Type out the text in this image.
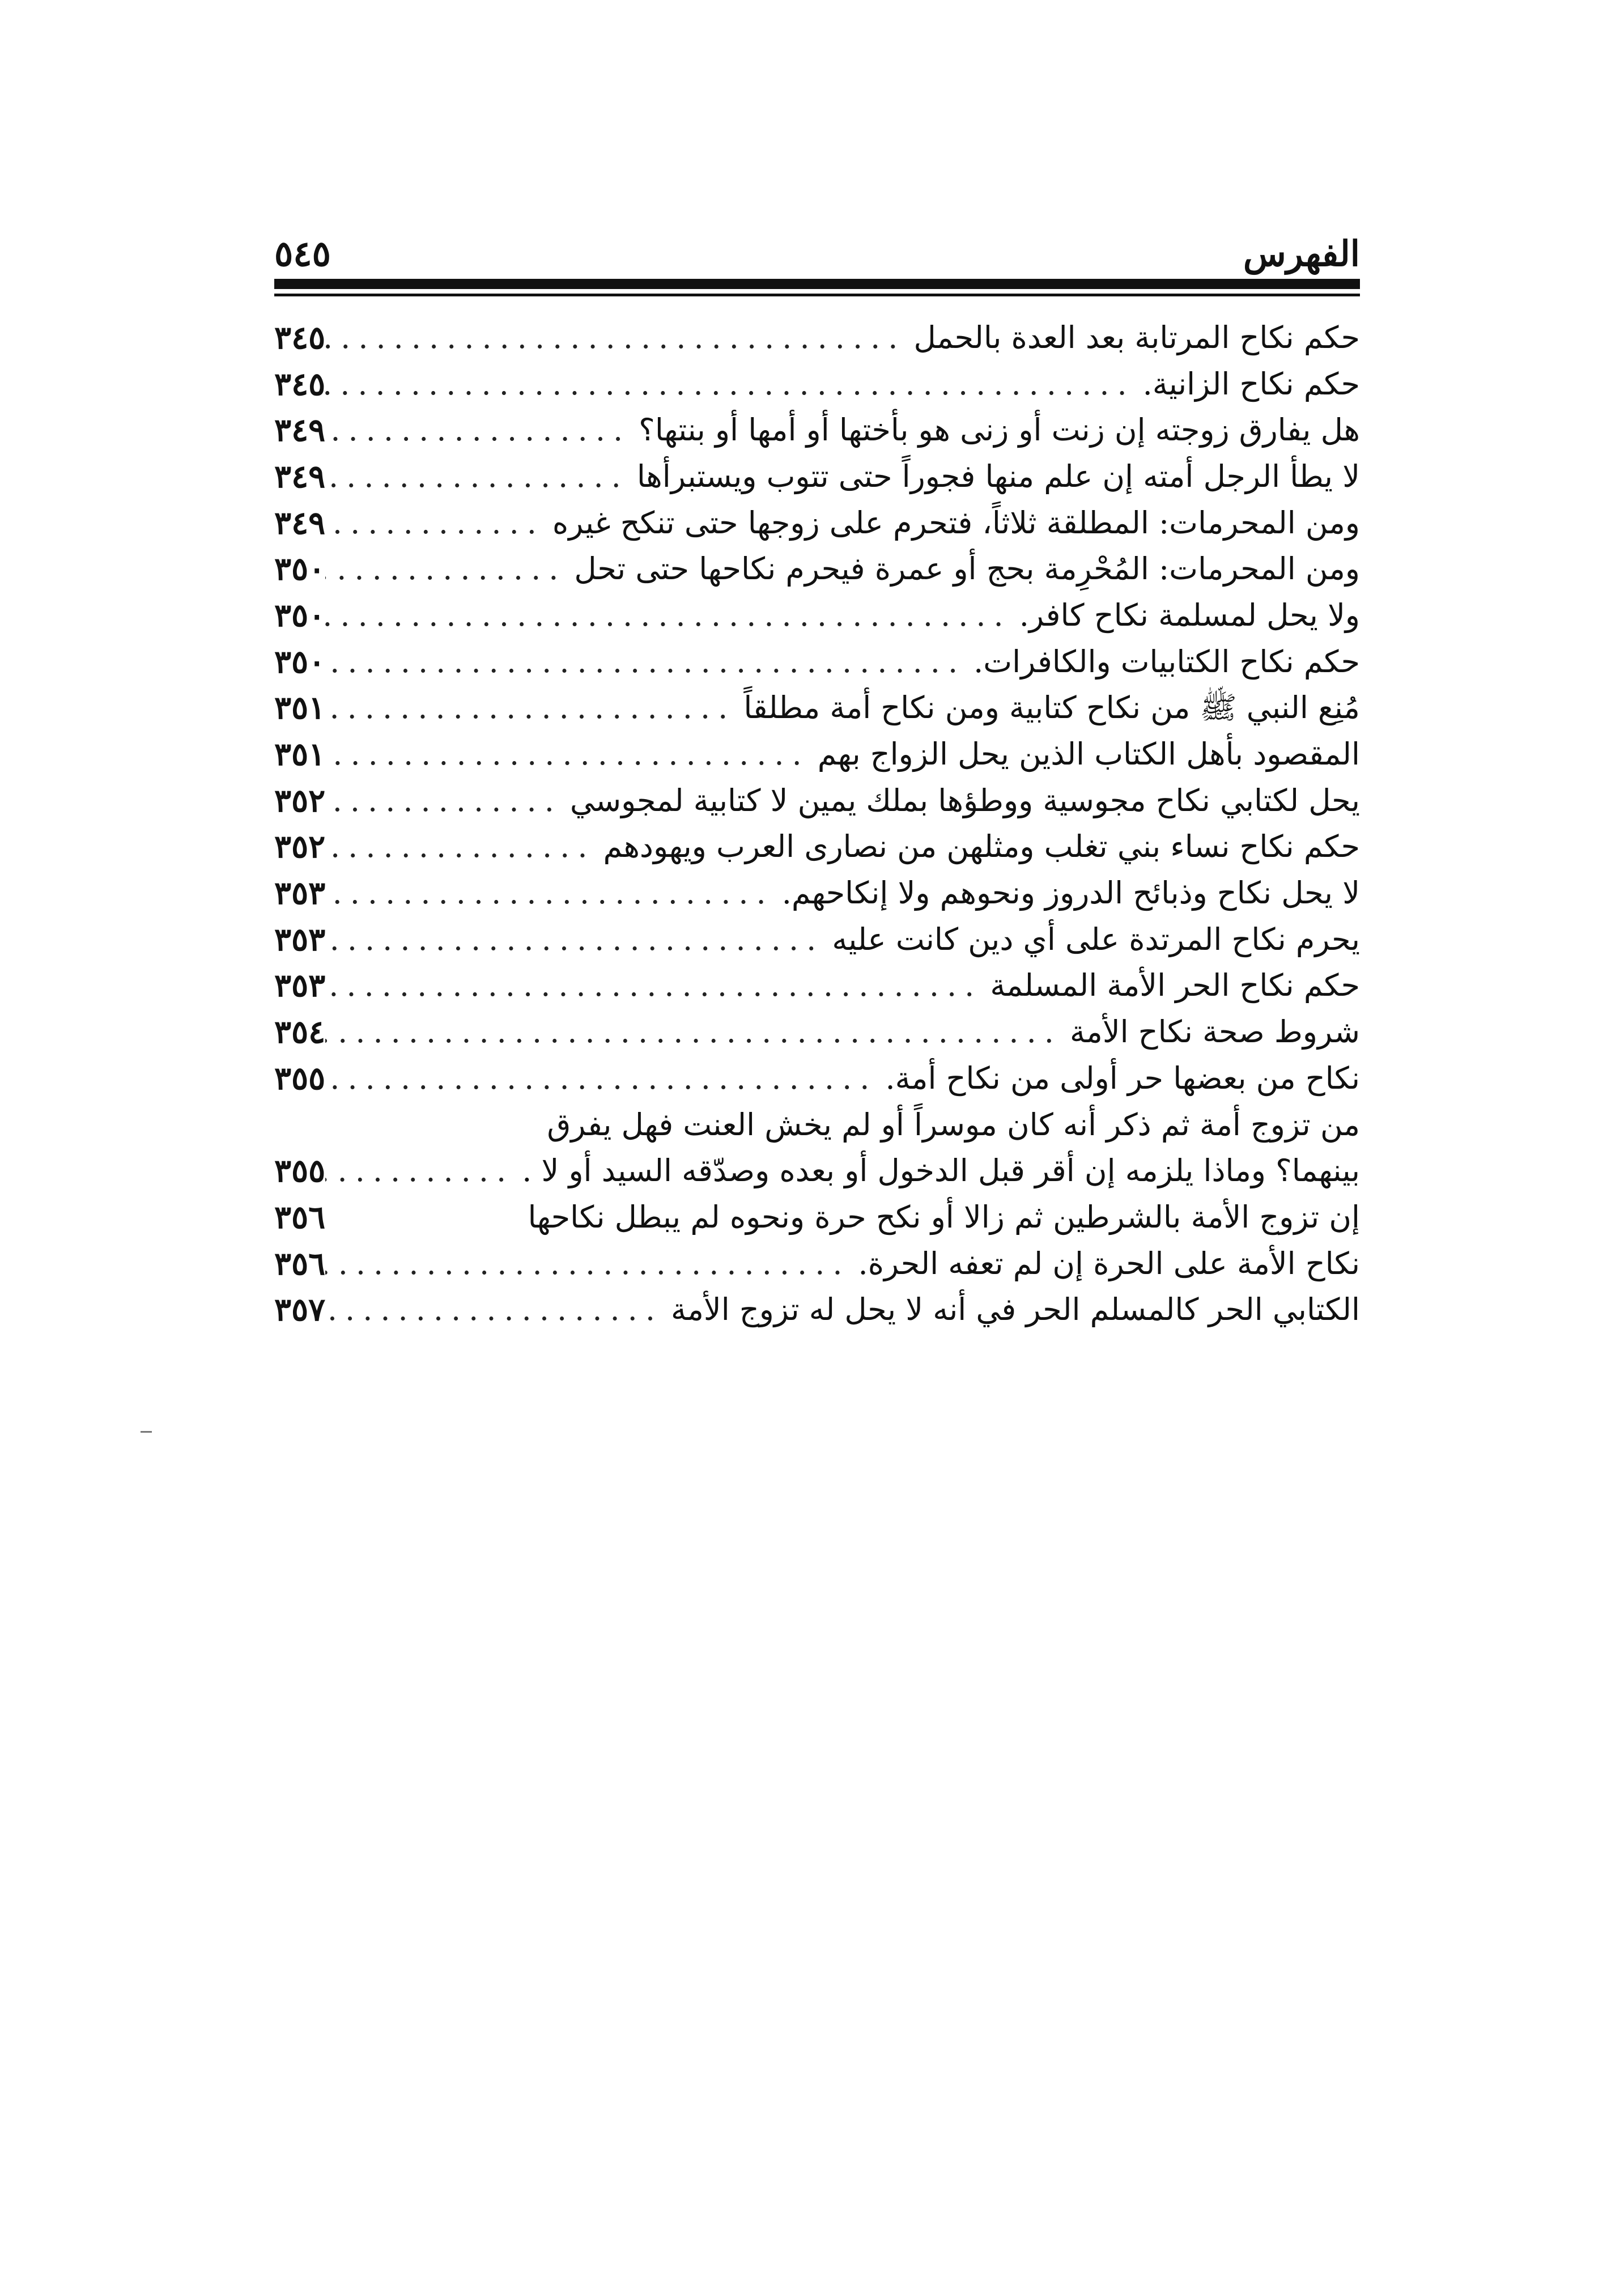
الفهرس
٥٤٥
حكم نكاح المرتابة بعد العدة بالحمل
.....
٣٤٥
حكم نكاح الزانية.
.....
٣٤٥
هل يفارق زوجته إن زنت أو زنى هو بأختها أو أمها أو بنتها؟
.....
٣٤٩
لا يطأ الرجل أمته إن علم منها فجوراً حتى تتوب ويستبرأها
.....
٣٤٩
ومن المحرمات: المطلقة ثلاثاً، فتحرم على زوجها حتى تنكح غيره
.....
٣٤٩
ومن المحرمات: المُحْرِمة بحج أو عمرة فيحرم نكاحها حتى تحل
.....
٣٥٠
ولا يحل لمسلمة نكاح كافر.
.....
٣٥٠
حكم نكاح الكتابيات والكافرات.
.....
٣٥٠
مُنِع النبي ﷺ من نكاح كتابية ومن نكاح أمة مطلقاً
.....
٣٥١
المقصود بأهل الكتاب الذين يحل الزواج بهم
.....
٣٥١
يحل لكتابي نكاح مجوسية ووطؤها بملك يمين لا كتابية لمجوسي
.....
٣٥٢
حكم نكاح نساء بني تغلب ومثلهن من نصارى العرب ويهودهم
.....
٣٥٢
لا يحل نكاح وذبائح الدروز ونحوهم ولا إنكاحهم.
.....
٣٥٣
يحرم نكاح المرتدة على أي دين كانت عليه
.....
٣٥٣
حكم نكاح الحر الأمة المسلمة
.....
٣٥٣
شروط صحة نكاح الأمة
.....
٣٥٤
نكاح من بعضها حر أولى من نكاح أمة.
.....
٣٥٥
من تزوج أمة ثم ذكر أنه كان موسراً أو لم يخش العنت فهل يفرق
بينهما؟ وماذا يلزمه إن أقر قبل الدخول أو بعده وصدّقه السيد أو لا .
.....
٣٥٥
إن تزوج الأمة بالشرطين ثم زالا أو نكح حرة ونحوه لم يبطل نكاحها
٣٥٦
نكاح الأمة على الحرة إن لم تعفه الحرة.
.....
٣٥٦
الكتابي الحر كالمسلم الحر في أنه لا يحل له تزوج الأمة
.....
٣٥٧
